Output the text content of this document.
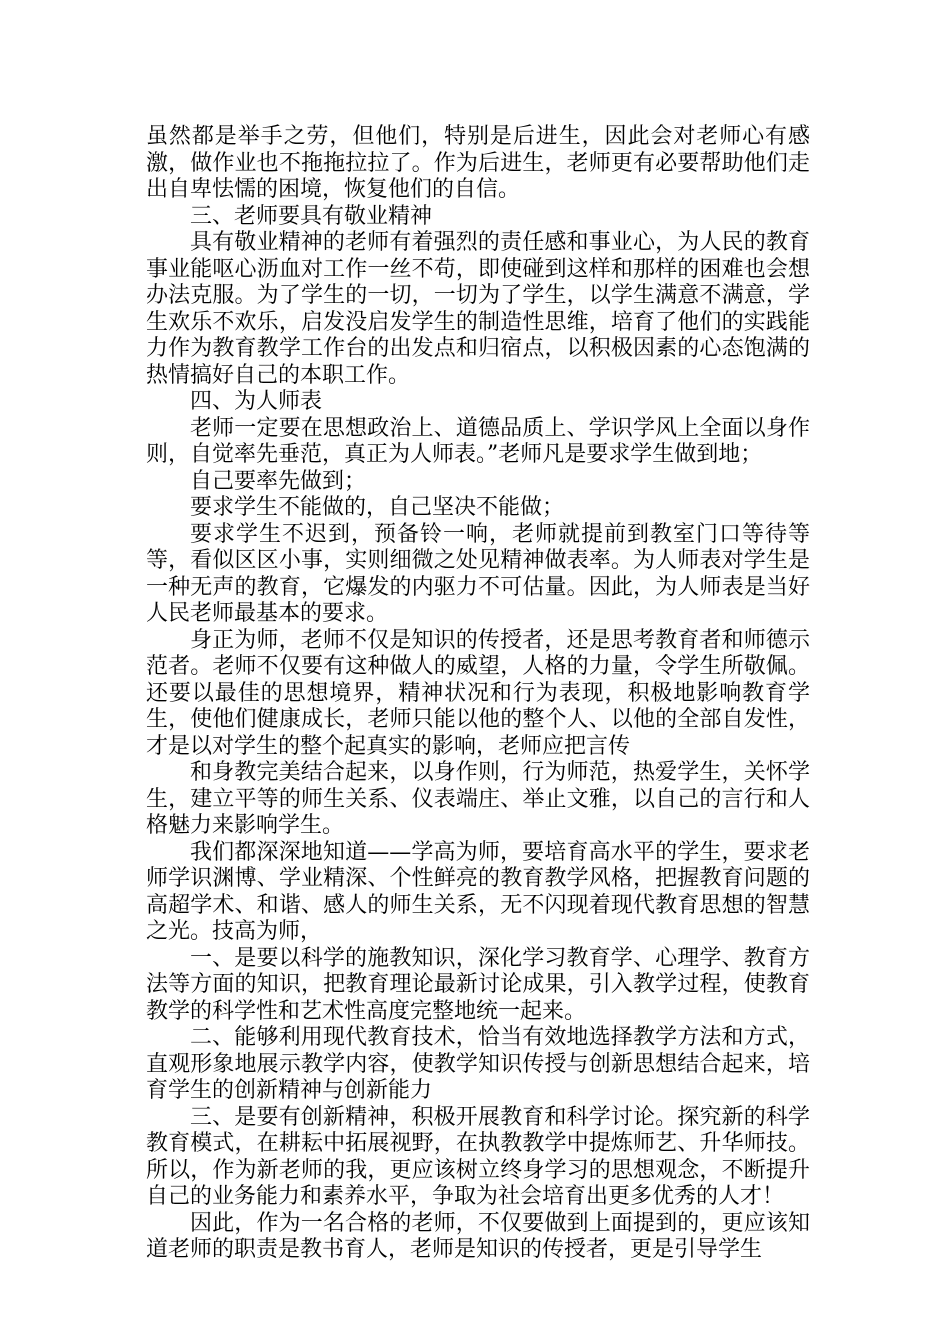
虽然都是举手之劳，但他们，特别是后进生，因此会对老师心有感激，做作业也不拖拖拉拉了。作为后进生，老师更有必要帮助他们走出自卑怯懦的困境，恢复他们的自信。

三、老师要具有敬业精神

具有敬业精神的老师有着强烈的责任感和事业心，为人民的教育事业能呕心沥血对工作一丝不苟，即使碰到这样和那样的困难也会想办法克服。为了学生的一切，一切为了学生，以学生满意不满意，学生欢乐不欢乐，启发没启发学生的制造性思维，培育了他们的实践能力作为教育教学工作台的出发点和归宿点，以积极因素的心态饱满的热情搞好自己的本职工作。

四、为人师表

老师一定要在思想政治上、道德品质上、学识学风上全面以身作则，自觉率先垂范，真正为人师表。”老师凡是要求学生做到地；

自己要率先做到；

要求学生不能做的，自己坚决不能做；

要求学生不迟到，预备铃一响，老师就提前到教室门口等待等等，看似区区小事，实则细微之处见精神做表率。为人师表对学生是一种无声的教育，它爆发的内驱力不可估量。因此，为人师表是当好人民老师最基本的要求。

身正为师，老师不仅是知识的传授者，还是思考教育者和师德示范者。老师不仅要有这种做人的威望，人格的力量，令学生所敬佩。还要以最佳的思想境界，精神状况和行为表现，积极地影响教育学生，使他们健康成长，老师只能以他的整个人、以他的全部自发性，才是以对学生的整个起真实的影响，老师应把言传

和身教完美结合起来，以身作则，行为师范，热爱学生，关怀学生，建立平等的师生关系、仪表端庄、举止文雅，以自己的言行和人格魅力来影响学生。

我们都深深地知道——学高为师，要培育高水平的学生，要求老师学识渊博、学业精深、个性鲜亮的教育教学风格，把握教育问题的高超学术、和谐、感人的师生关系，无不闪现着现代教育思想的智慧之光。技高为师，

一、是要以科学的施教知识，深化学习教育学、心理学、教育方法等方面的知识，把教育理论最新讨论成果，引入教学过程，使教育教学的科学性和艺术性高度完整地统一起来。

二、能够利用现代教育技术，恰当有效地选择教学方法和方式，直观形象地展示教学内容，使教学知识传授与创新思想结合起来，培育学生的创新精神与创新能力

三、是要有创新精神，积极开展教育和科学讨论。探究新的科学教育模式，在耕耘中拓展视野，在执教教学中提炼师艺、升华师技。所以，作为新老师的我，更应该树立终身学习的思想观念，不断提升自己的业务能力和素养水平，争取为社会培育出更多优秀的人才！

因此，作为一名合格的老师，不仅要做到上面提到的，更应该知道老师的职责是教书育人，老师是知识的传授者，更是引导学生
